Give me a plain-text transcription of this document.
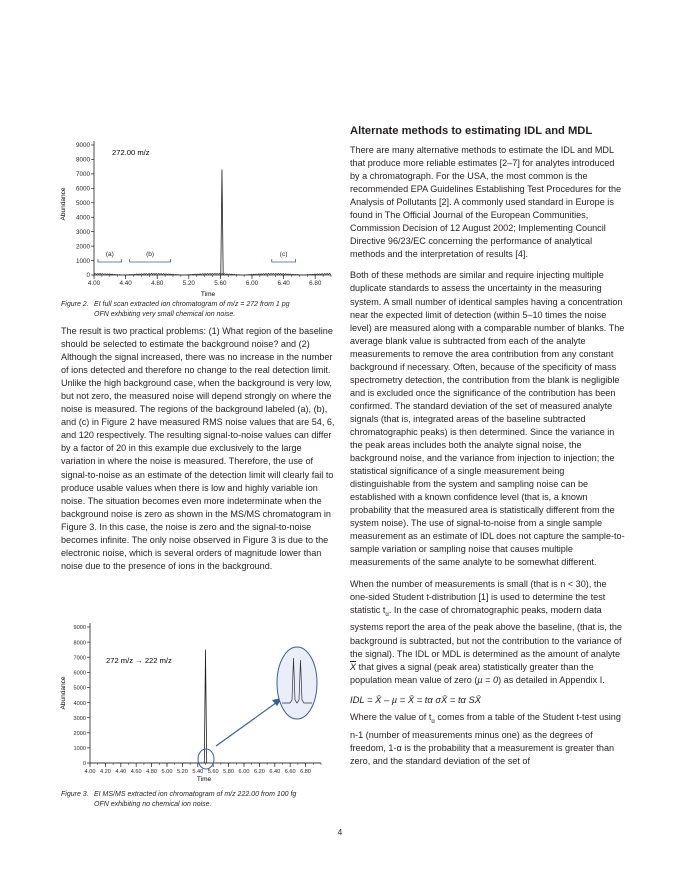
0
1000
2000
3000
4000
5000
6000
7000
8000
9000
4.00	4.40	4.80	5.20	5.60	6.00	6.40	6.80
(a)	(b)	(c)
272.00 m/z
Abundance
Time
Figure 2. EI full scan extracted ion chromatogram of m/z = 272 from 1 pg
OFN exhibiting very small chemical ion noise.

The result is two practical problems: (1) What region of the baseline should be selected to estimate the background noise? and (2) Although the signal increased, there was no increase in the number of ions detected and therefore no change to the real detection limit. Unlike the high background case, when the background is very low, but not zero, the measured noise will depend strongly on where the noise is measured. The regions of the background labeled (a), (b), and (c) in Figure 2 have measured RMS noise values that are 54, 6, and 120 respectively. The resulting signal-to-noise values can differ by a factor of 20 in this example due exclusively to the large variation in where the noise is measured. Therefore, the use of signal-to-noise as an estimate of the detection limit will clearly fail to produce usable values when there is low and highly variable ion noise. The situation becomes even more indeterminate when the background noise is zero as shown in the MS/MS chromatogram in Figure 3. In this case, the noise is zero and the signal-to-noise becomes infinite. The only noise observed in Figure 3 is due to the electronic noise, which is several orders of magnitude lower than noise due to the presence of ions in the background.

0
1000
2000
3000
4000
5000
6000
7000
8000
9000
4.00 4.20 4.40 4.60 4.80 5.00 5.20 5.40 5.60 5.80 6.00 6.20 6.40 6.60 6.80
272 m/z → 222 m/z
Abundance
Time
Figure 3. EI MS/MS extracted ion chromatogram of m/z 222.00 from 100 fg
OFN exhibiting no chemical ion noise.
Alternate methods to estimating IDL and MDL

There are many alternative methods to estimate the IDL and MDL that produce more reliable estimates [2–7] for analytes introduced by a chromatograph. For the USA, the most common is the recommended EPA Guidelines Establishing Test Procedures for the Analysis of Pollutants [2]. A commonly used standard in Europe is found in The Official Journal of the European Communities, Commission Decision of 12 August 2002; Implementing Council Directive 96/23/EC concerning the performance of analytical methods and the interpretation of results [4].

Both of these methods are similar and require injecting multiple duplicate standards to assess the uncertainty in the measuring system. A small number of identical samples having a concentration near the expected limit of detection (within 5–10 times the noise level) are measured along with a comparable number of blanks. The average blank value is subtracted from each of the analyte measurements to remove the area contribution from any constant background if necessary. Often, because of the specificity of mass spectrometry detection, the contribution from the blank is negligible and is excluded once the significance of the contribution has been confirmed. The standard deviation of the set of measured analyte signals (that is, integrated areas of the baseline subtracted chromatographic peaks) is then determined. Since the variance in the peak areas includes both the analyte signal noise, the background noise, and the variance from injection to injection; the statistical significance of a single measurement being distinguishable from the system and sampling noise can be established with a known confidence level (that is, a known probability that the measured area is statistically different from the system noise). The use of signal-to-noise from a single sample measurement as an estimate of IDL does not capture the sample-to-sample variation or sampling noise that causes multiple measurements of the same analyte to be somewhat different.

When the number of measurements is small (that is n < 30), the one-sided Student t-distribution [1] is used to determine the test statistic $t_\alpha$. In the case of chromatographic peaks, modern data systems report the area of the peak above the baseline, (that is, the background is subtracted, but not the contribution to the variance of the signal). The IDL or MDL is determined as the amount of analyte $\overline{X}$ that gives a signal (peak area) statistically greater than the population mean value of zero (µ = 0) as detailed in Appendix I.

IDL = X̄ – µ = X̄ = tα σX̄ = tα SX̄

Where the value of $t_\alpha$ comes from a table of the Student t-test using n-1 (number of measurements minus one) as the degrees of freedom, 1-α is the probability that a measurement is greater than zero, and the standard deviation of the set of

4
